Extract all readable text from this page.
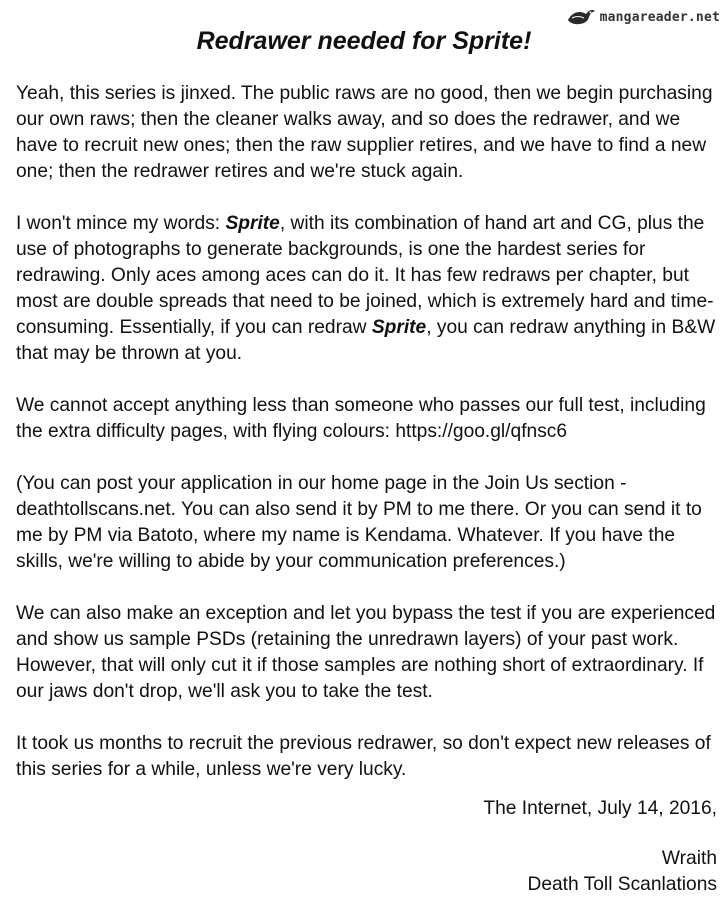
mangareader.net
Redrawer needed for Sprite!

Yeah, this series is jinxed. The public raws are no good, then we begin purchasing our own raws; then the cleaner walks away, and so does the redrawer, and we have to recruit new ones; then the raw supplier retires, and we have to find a new one; then the redrawer retires and we're stuck again.

I won't mince my words: Sprite, with its combination of hand art and CG, plus the use of photographs to generate backgrounds, is one the hardest series for redrawing. Only aces among aces can do it. It has few redraws per chapter, but most are double spreads that need to be joined, which is extremely hard and time-consuming. Essentially, if you can redraw Sprite, you can redraw anything in B&W that may be thrown at you.

We cannot accept anything less than someone who passes our full test, including the extra difficulty pages, with flying colours: https://goo.gl/qfnsc6

(You can post your application in our home page in the Join Us section - deathtollscans.net. You can also send it by PM to me there. Or you can send it to me by PM via Batoto, where my name is Kendama. Whatever. If you have the skills, we're willing to abide by your communication preferences.)

We can also make an exception and let you bypass the test if you are experienced and show us sample PSDs (retaining the unredrawn layers) of your past work. However, that will only cut it if those samples are nothing short of extraordinary. If our jaws don't drop, we'll ask you to take the test.

It took us months to recruit the previous redrawer, so don't expect new releases of this series for a while, unless we're very lucky.

The Internet, July 14, 2016,
Wraith
Death Toll Scanlations
